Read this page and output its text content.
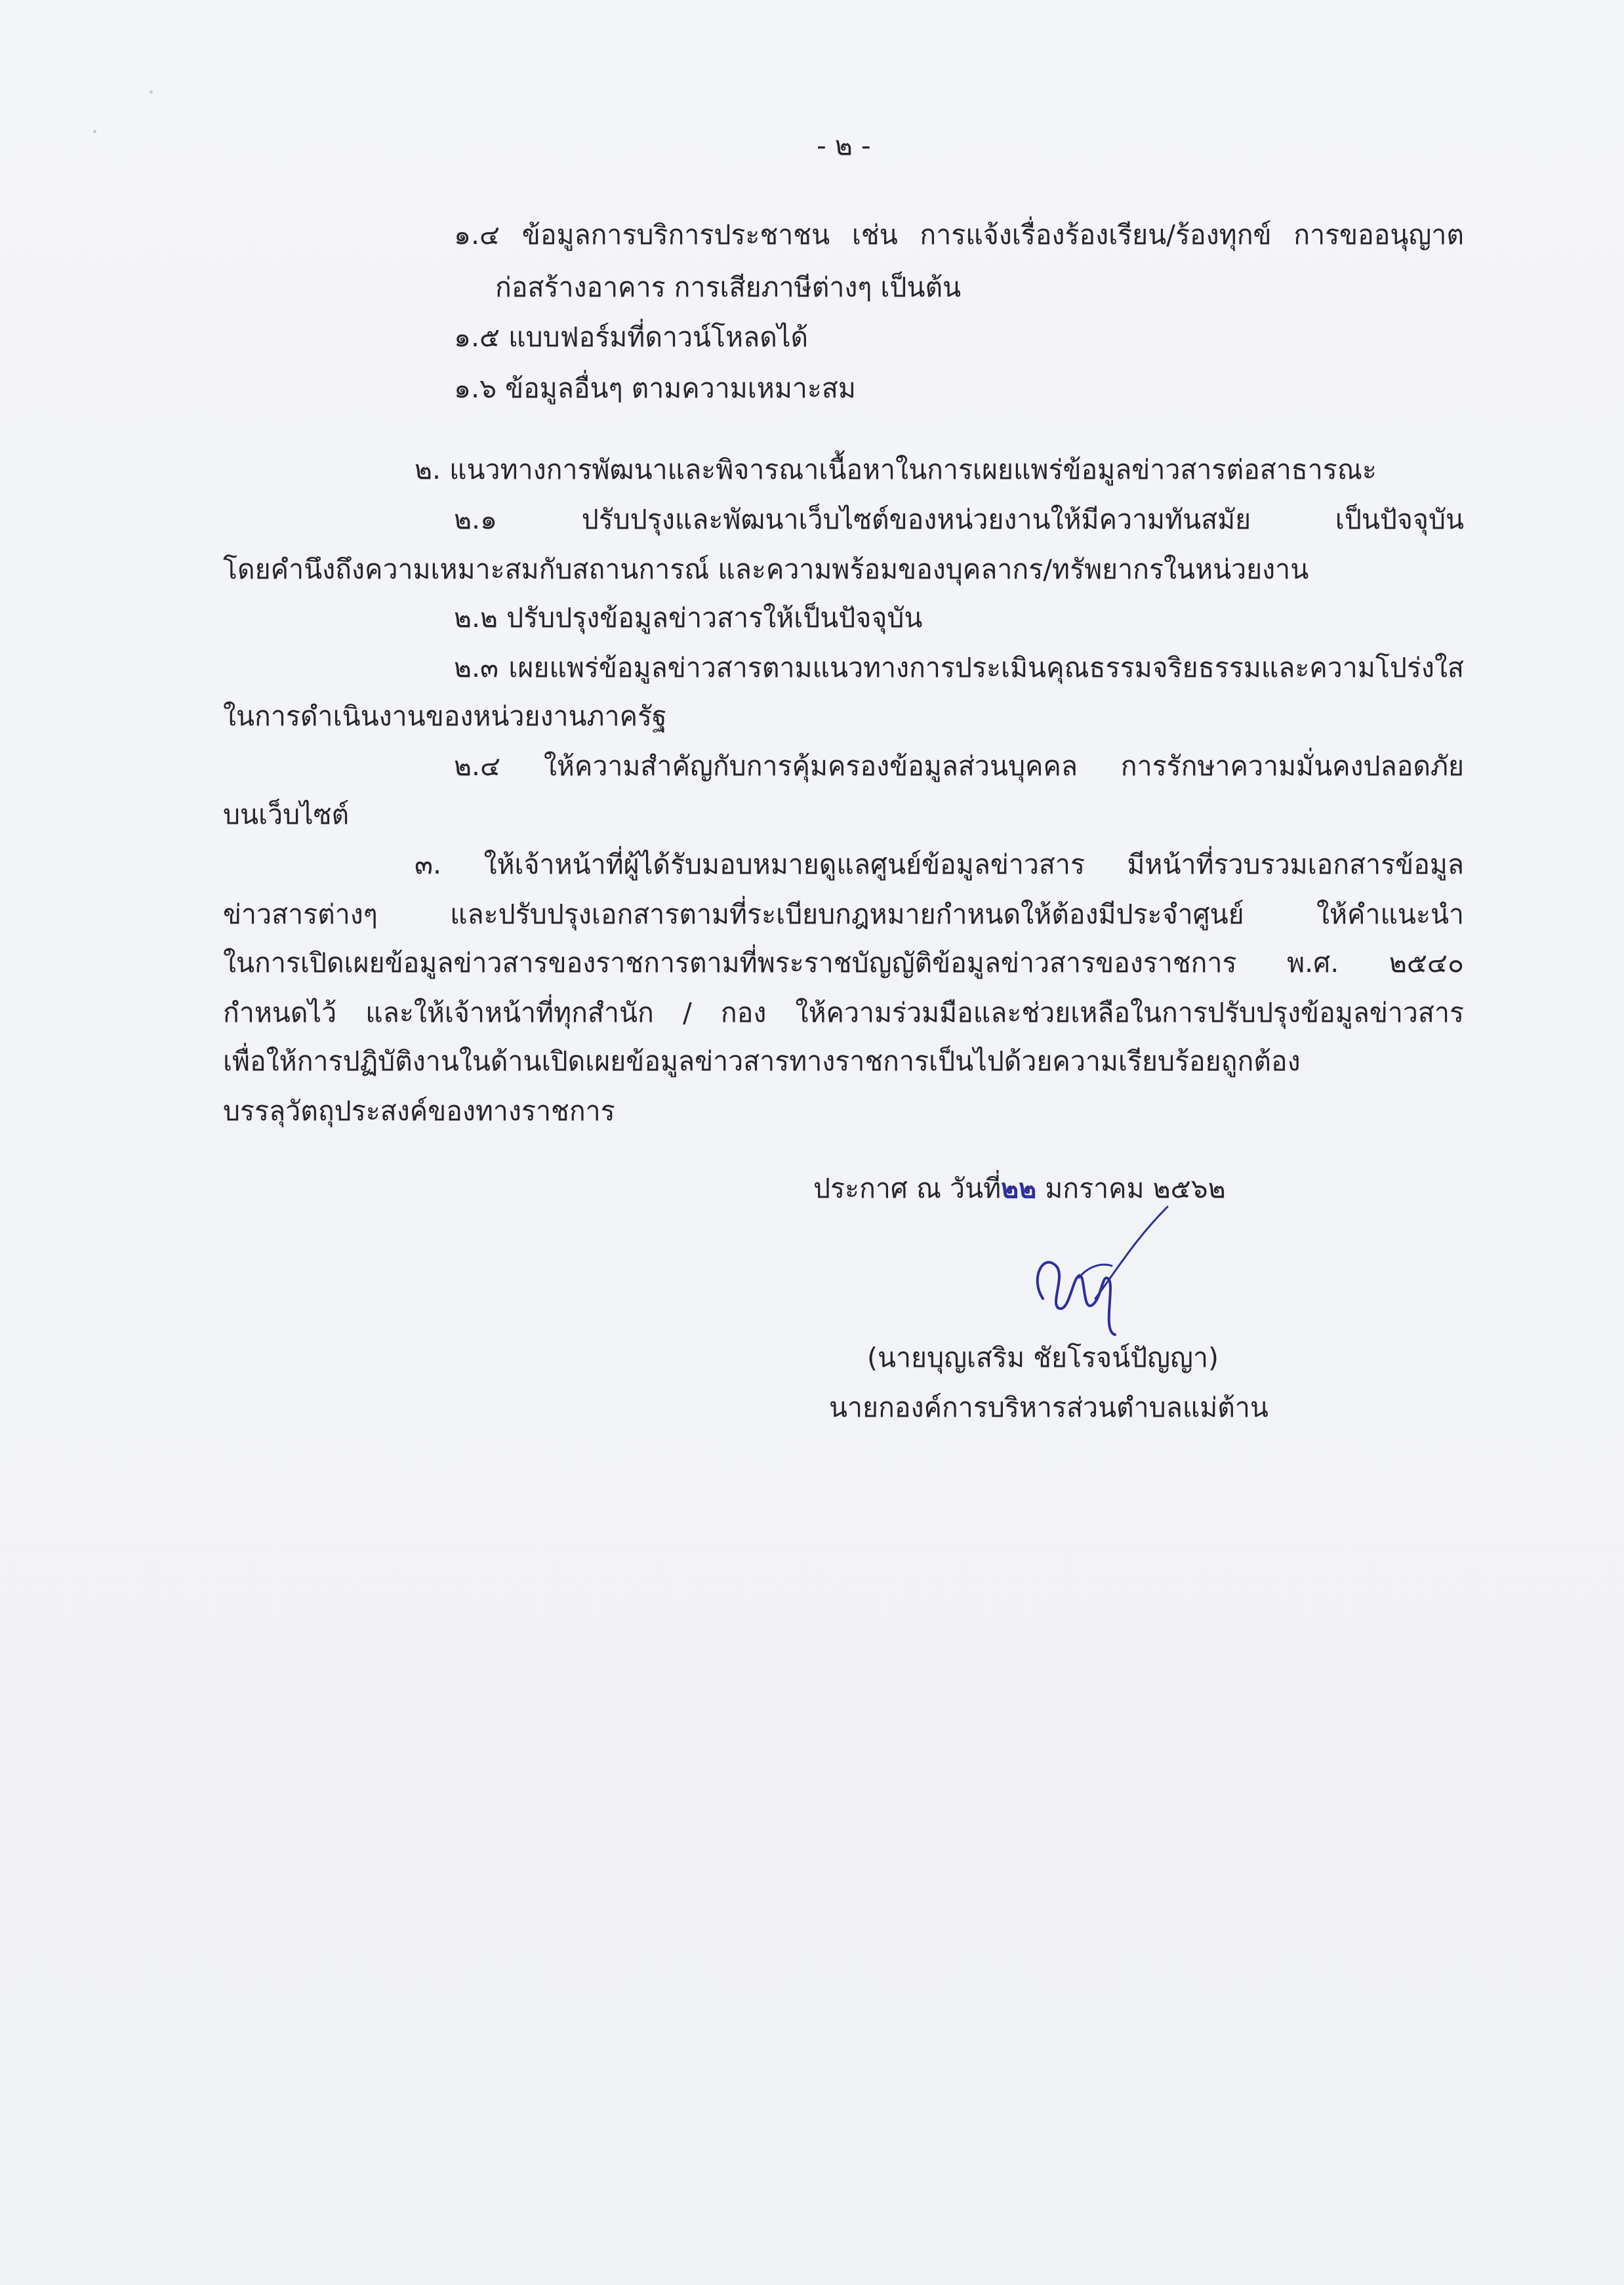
- ๒ -
๑.๔ ข้อมูลการบริการประชาชน เช่น การแจ้งเรื่องร้องเรียน/ร้องทุกข์ การขออนุญาต
ก่อสร้างอาคาร การเสียภาษีต่างๆ เป็นต้น
๑.๕ แบบฟอร์มที่ดาวน์โหลดได้
๑.๖ ข้อมูลอื่นๆ ตามความเหมาะสม
๒. แนวทางการพัฒนาและพิจารณาเนื้อหาในการเผยแพร่ข้อมูลข่าวสารต่อสาธารณะ
๒.๑ ปรับปรุงและพัฒนาเว็บไซต์ของหน่วยงานให้มีความทันสมัย เป็นปัจจุบัน
โดยคำนึงถึงความเหมาะสมกับสถานการณ์ และความพร้อมของบุคลากร/ทรัพยากรในหน่วยงาน
๒.๒ ปรับปรุงข้อมูลข่าวสารให้เป็นปัจจุบัน
๒.๓ เผยแพร่ข้อมูลข่าวสารตามแนวทางการประเมินคุณธรรมจริยธรรมและความโปร่งใส
ในการดำเนินงานของหน่วยงานภาครัฐ
๒.๔ ให้ความสำคัญกับการคุ้มครองข้อมูลส่วนบุคคล การรักษาความมั่นคงปลอดภัย
บนเว็บไซต์
๓. ให้เจ้าหน้าที่ผู้ได้รับมอบหมายดูแลศูนย์ข้อมูลข่าวสาร มีหน้าที่รวบรวมเอกสารข้อมูล
ข่าวสารต่างๆ และปรับปรุงเอกสารตามที่ระเบียบกฎหมายกำหนดให้ต้องมีประจำศูนย์ ให้คำแนะนำ
ในการเปิดเผยข้อมูลข่าวสารของราชการตามที่พระราชบัญญัติข้อมูลข่าวสารของราชการ พ.ศ. ๒๕๔๐
กำหนดไว้ และให้เจ้าหน้าที่ทุกสำนัก / กอง ให้ความร่วมมือและช่วยเหลือในการปรับปรุงข้อมูลข่าวสาร
เพื่อให้การปฏิบัติงานในด้านเปิดเผยข้อมูลข่าวสารทางราชการเป็นไปด้วยความเรียบร้อยถูกต้อง
บรรลุวัตถุประสงค์ของทางราชการ
ประกาศ ณ วันที่๒๒ มกราคม ๒๕๖๒
(นายบุญเสริม ชัยโรจน์ปัญญา)
นายกองค์การบริหารส่วนตำบลแม่ต้าน
